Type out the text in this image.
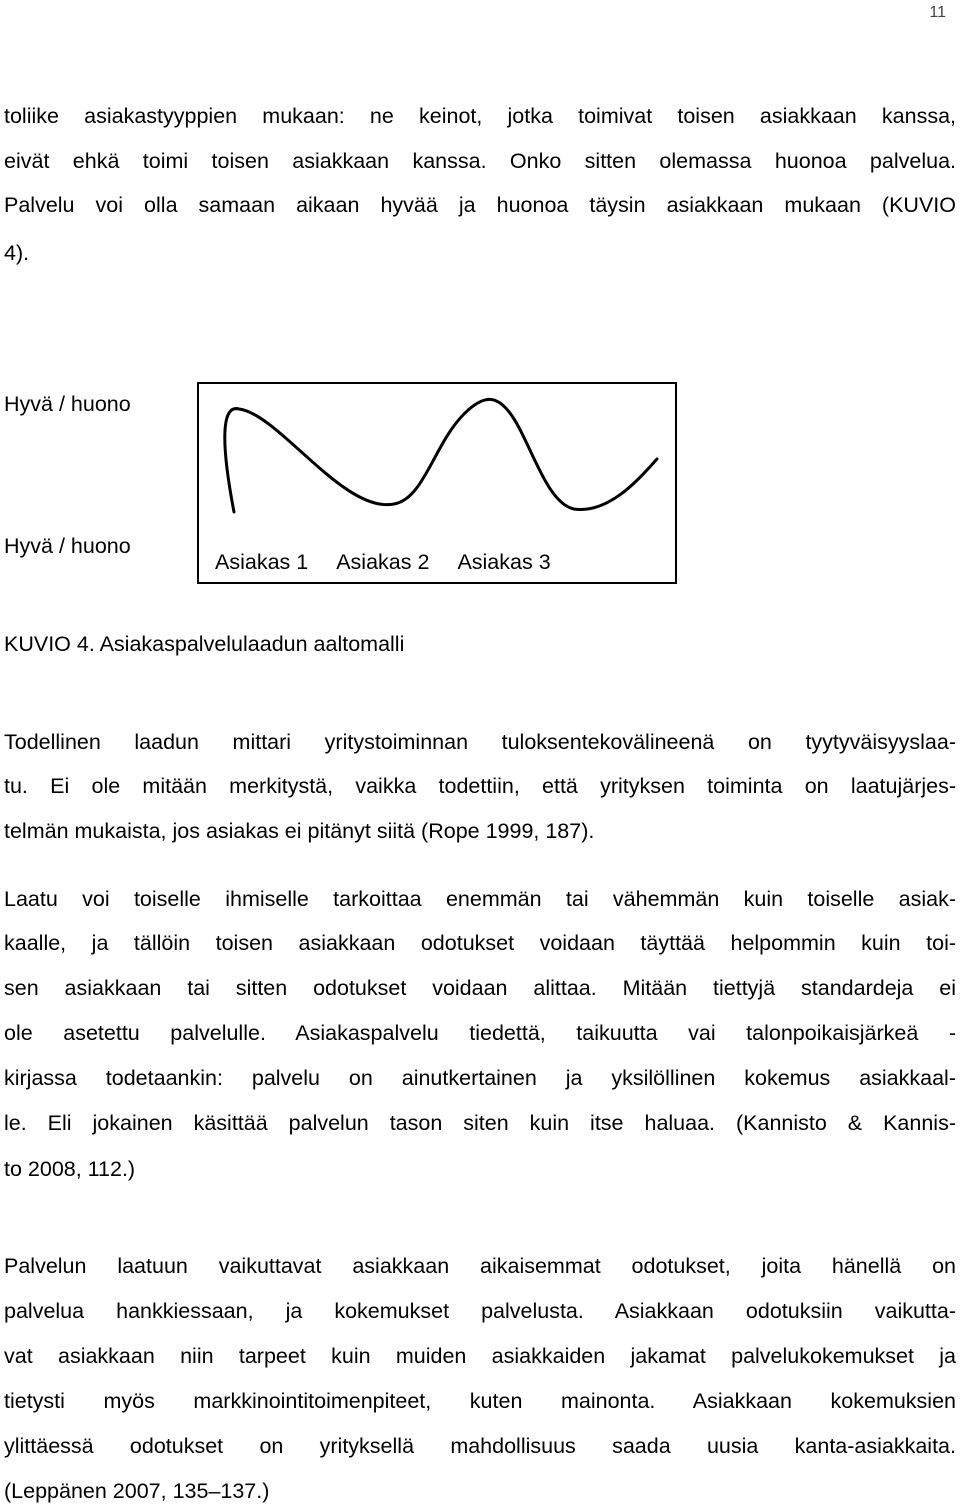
11

toliike asiakastyyppien mukaan: ne keinot, jotka toimivat toisen asiakkaan kanssa,

eivät ehkä toimi toisen asiakkaan kanssa. Onko sitten olemassa huonoa palvelua.

Palvelu voi olla samaan aikaan hyvää ja huonoa täysin asiakkaan mukaan (KUVIO

4).

Hyvä / huono
Hyvä / huono
Asiakas 1 Asiakas 2 Asiakas 3
KUVIO 4. Asiakaspalvelulaadun aaltomalli

Todellinen laadun mittari yritystoiminnan tuloksentekovälineenä on tyytyväisyyslaa-

tu. Ei ole mitään merkitystä, vaikka todettiin, että yrityksen toiminta on laatujärjes-

telmän mukaista, jos asiakas ei pitänyt siitä (Rope 1999, 187).

Laatu voi toiselle ihmiselle tarkoittaa enemmän tai vähemmän kuin toiselle asiak-

kaalle, ja tällöin toisen asiakkaan odotukset voidaan täyttää helpommin kuin toi-

sen asiakkaan tai sitten odotukset voidaan alittaa. Mitään tiettyjä standardeja ei

ole asetettu palvelulle. Asiakaspalvelu tiedettä, taikuutta vai talonpoikaisjärkeä -

kirjassa todetaankin: palvelu on ainutkertainen ja yksilöllinen kokemus asiakkaal-

le. Eli jokainen käsittää palvelun tason siten kuin itse haluaa. (Kannisto & Kannis-

to 2008, 112.)

Palvelun laatuun vaikuttavat asiakkaan aikaisemmat odotukset, joita hänellä on

palvelua hankkiessaan, ja kokemukset palvelusta. Asiakkaan odotuksiin vaikutta-

vat asiakkaan niin tarpeet kuin muiden asiakkaiden jakamat palvelukokemukset ja

tietysti myös markkinointitoimenpiteet, kuten mainonta. Asiakkaan kokemuksien

ylittäessä odotukset on yrityksellä mahdollisuus saada uusia kanta-asiakkaita.

(Leppänen 2007, 135–137.)
